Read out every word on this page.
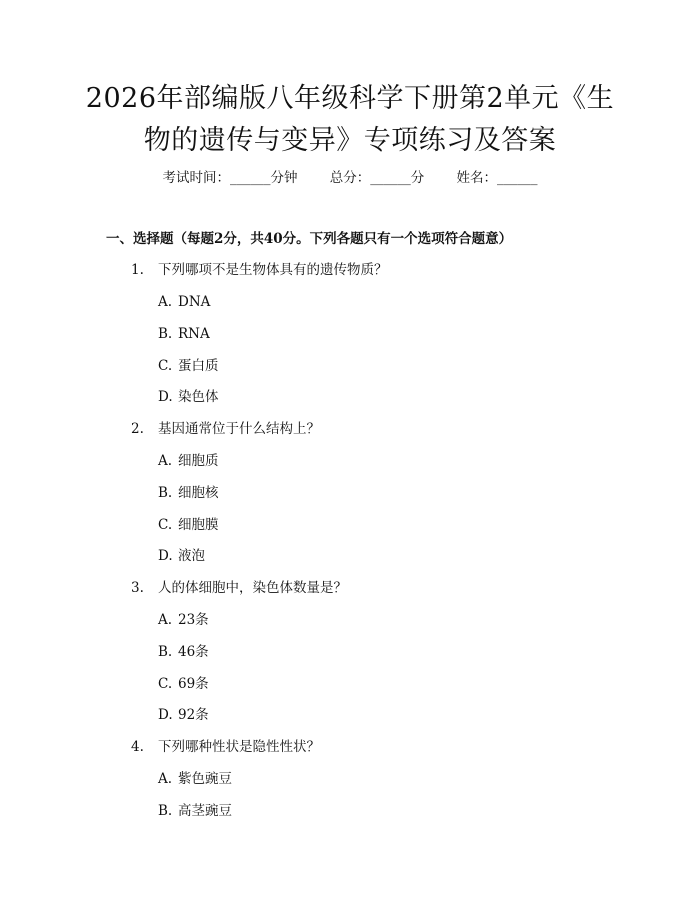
2026年部编版八年级科学下册第2单元《生
物的遗传与变异》专项练习及答案
考试时间：______分钟 总分：______分 姓名：______
一、选择题（每题2分，共40分。下列各题只有一个选项符合题意）
1. 下列哪项不是生物体具有的遗传物质？
A. DNA
B. RNA
C. 蛋白质
D. 染色体
2. 基因通常位于什么结构上？
A. 细胞质
B. 细胞核
C. 细胞膜
D. 液泡
3. 人的体细胞中，染色体数量是？
A. 23条
B. 46条
C. 69条
D. 92条
4. 下列哪种性状是隐性性状？
A. 紫色豌豆
B. 高茎豌豆
